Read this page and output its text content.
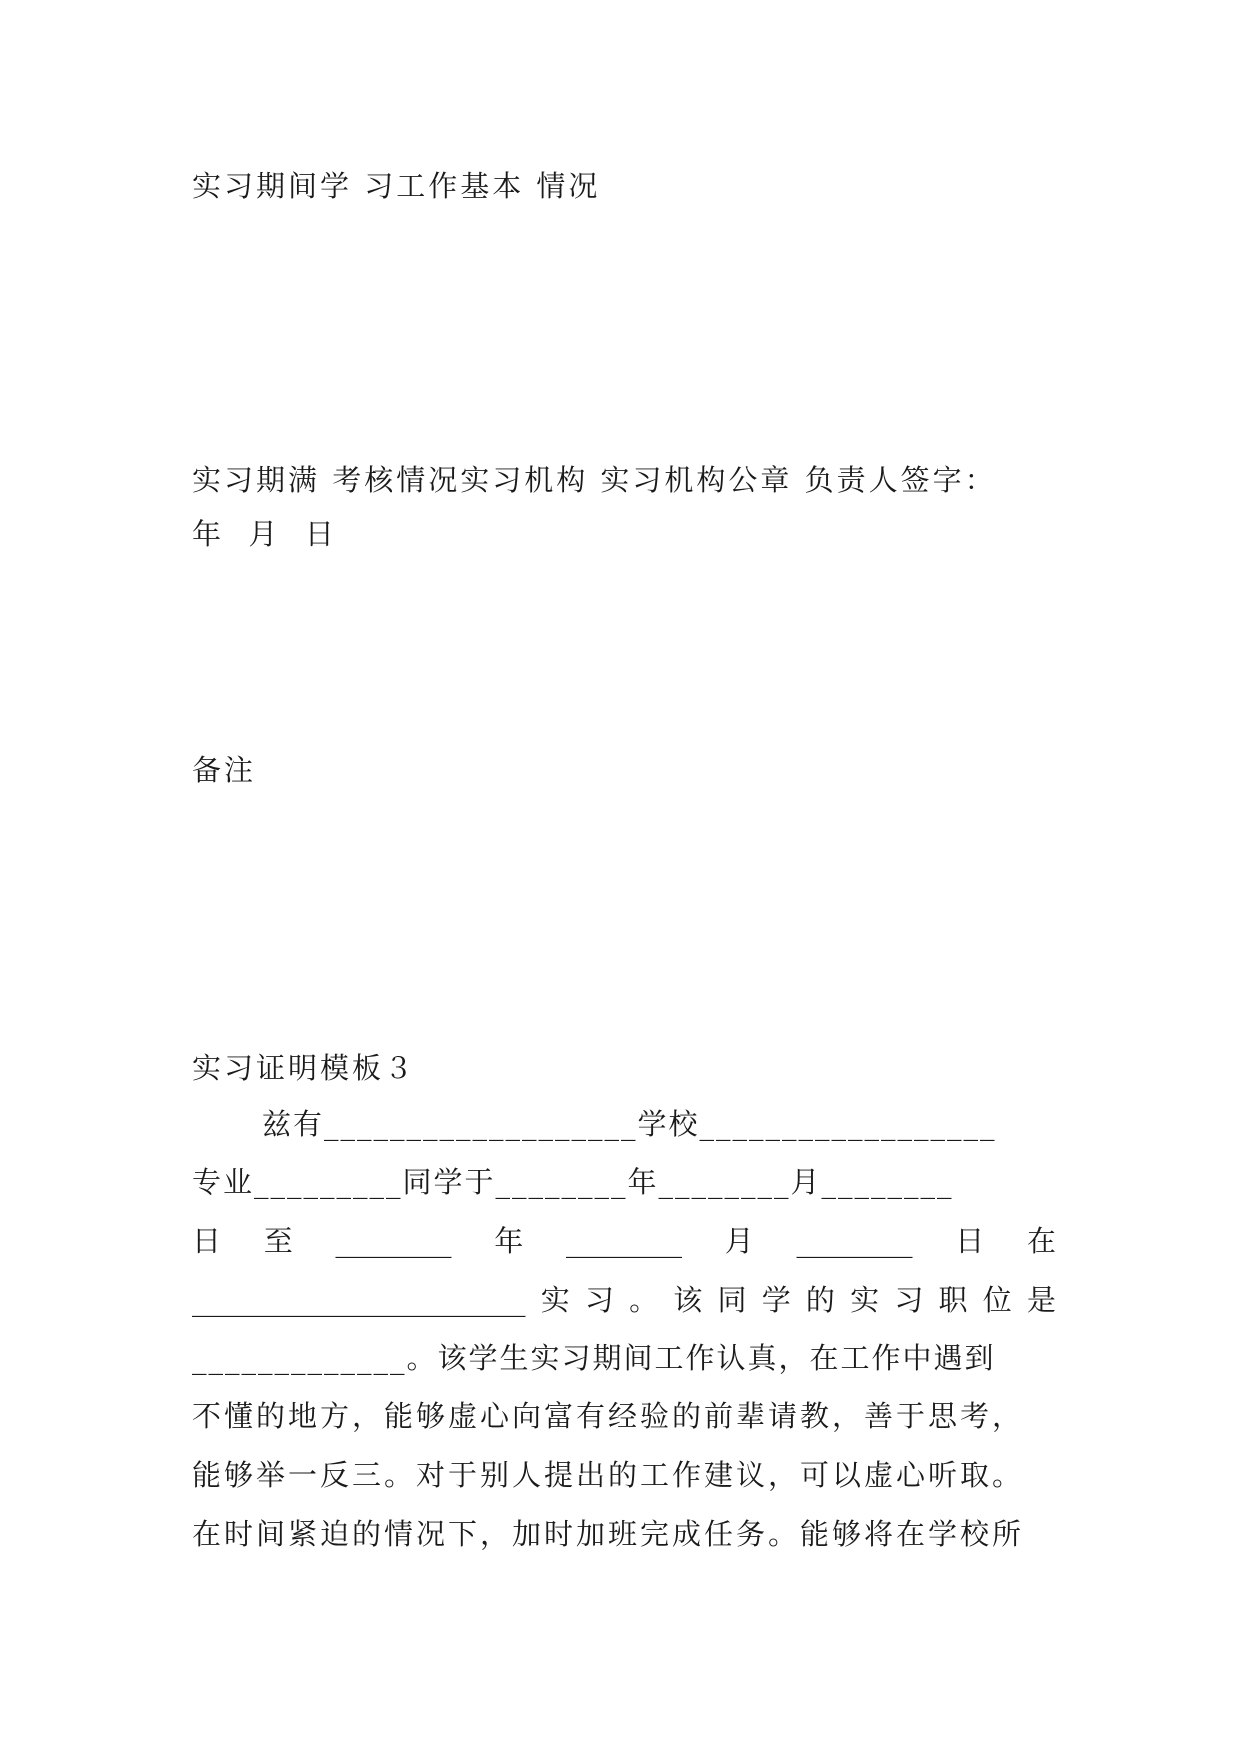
实习期间学 习工作基本 情况
实习期满 考核情况实习机构 实习机构公章 负责人签字：
年  月  日
备注
实习证明模板３
兹有___________________学校__________________
专业_________同学于________年________月________
日 至 ________ 年 ________ 月 ________ 日 在
_______________________ 实 习 。 该 同 学 的 实 习 职 位 是
_____________。该学生实习期间工作认真，在工作中遇到
不懂的地方，能够虚心向富有经验的前辈请教，善于思考，
能够举一反三。对于别人提出的工作建议，可以虚心听取。
在时间紧迫的情况下，加时加班完成任务。能够将在学校所
